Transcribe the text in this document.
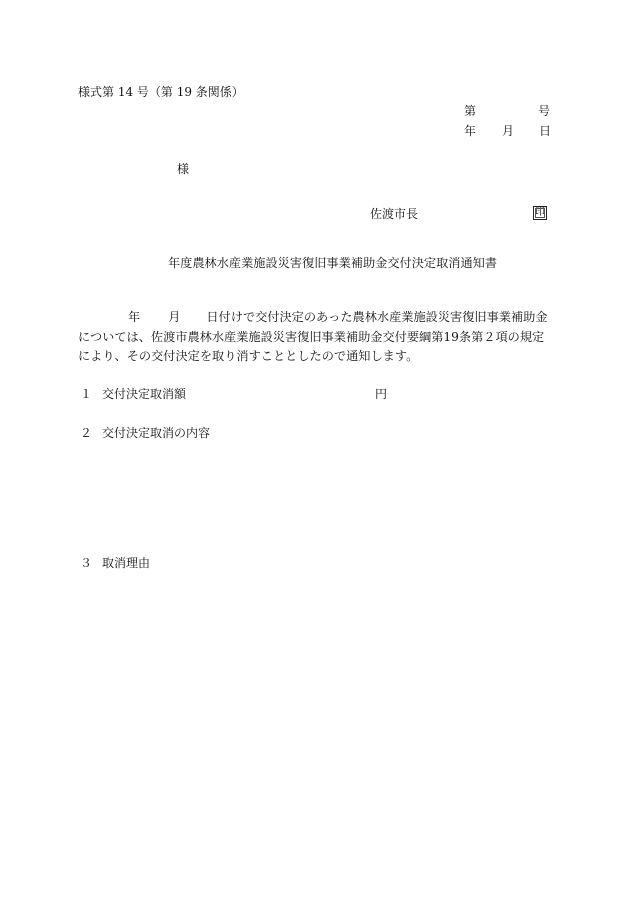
様式第 14 号（第 19 条関係）
第	号
年 月 日
様
佐渡市長	印
年度農林水産業施設災害復旧事業補助金交付決定取消通知書
年 月 日付けで交付決定のあった農林水産業施設災害復旧事業補助金
については、佐渡市農林水産業施設災害復旧事業補助金交付要綱第19条第２項の規定
により、その交付決定を取り消すこととしたので通知します。
１ 交付決定取消額	円
２ 交付決定取消の内容
３ 取消理由
